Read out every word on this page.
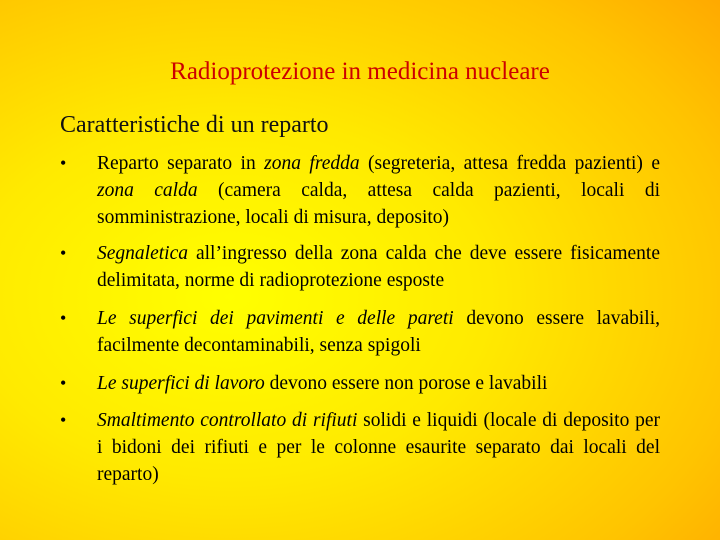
Radioprotezione in medicina nucleare
Caratteristiche di un reparto
•	Reparto separato in zona fredda (segreteria, attesa fredda pazienti) e zona calda (camera calda, attesa calda pazienti, locali di somministrazione, locali di misura, deposito)
•	Segnaletica all’ingresso della zona calda che deve essere fisicamente delimitata, norme di radioprotezione esposte
•	Le superfici dei pavimenti e delle pareti devono essere lavabili, facilmente decontaminabili, senza spigoli
•	Le superfici di lavoro devono essere non porose e lavabili
•	Smaltimento controllato di rifiuti solidi e liquidi (locale di deposito per i bidoni dei rifiuti e per le colonne esaurite separato dai locali del reparto)
